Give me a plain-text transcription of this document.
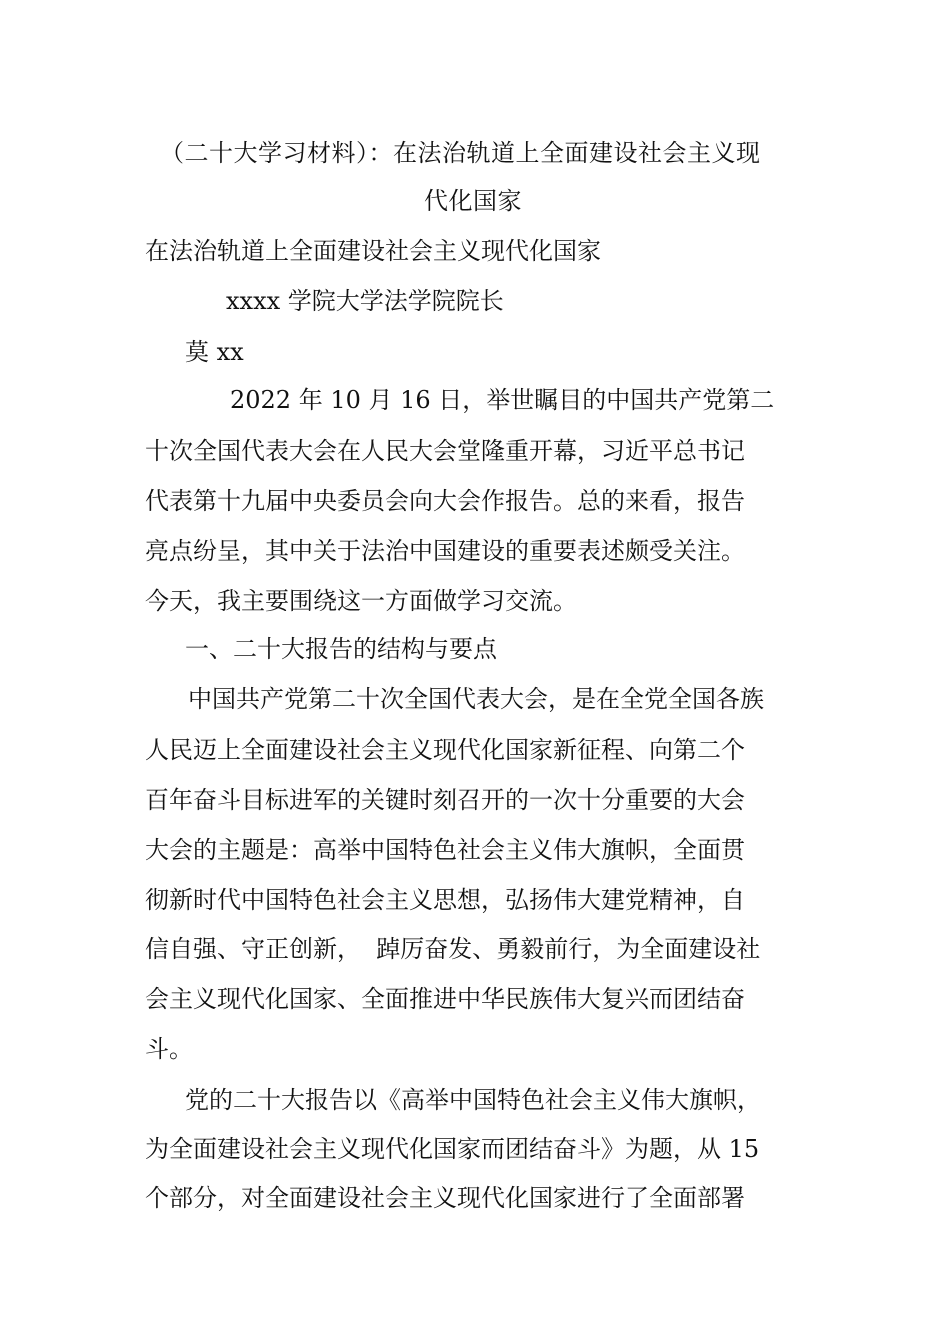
（二十大学习材料）：在法治轨道上全面建设社会主义现
代化国家
在法治轨道上全面建设社会主义现代化国家
xxxx 学院大学法学院院长
莫 xx
2022 年 10 月 16 日，举世瞩目的中国共产党第二
十次全国代表大会在人民大会堂隆重开幕，习近平总书记
代表第十九届中央委员会向大会作报告。总的来看，报告
亮点纷呈，其中关于法治中国建设的重要表述颇受关注。
今天，我主要围绕这一方面做学习交流。
一、二十大报告的结构与要点
中国共产党第二十次全国代表大会，是在全党全国各族
人民迈上全面建设社会主义现代化国家新征程、向第二个
百年奋斗目标进军的关键时刻召开的一次十分重要的大会
大会的主题是：高举中国特色社会主义伟大旗帜，全面贯
彻新时代中国特色社会主义思想，弘扬伟大建党精神，自
信自强、守正创新，  踔厉奋发、勇毅前行，为全面建设社
会主义现代化国家、全面推进中华民族伟大复兴而团结奋
斗。
党的二十大报告以《高举中国特色社会主义伟大旗帜，
为全面建设社会主义现代化国家而团结奋斗》为题，从 15
个部分，对全面建设社会主义现代化国家进行了全面部署
